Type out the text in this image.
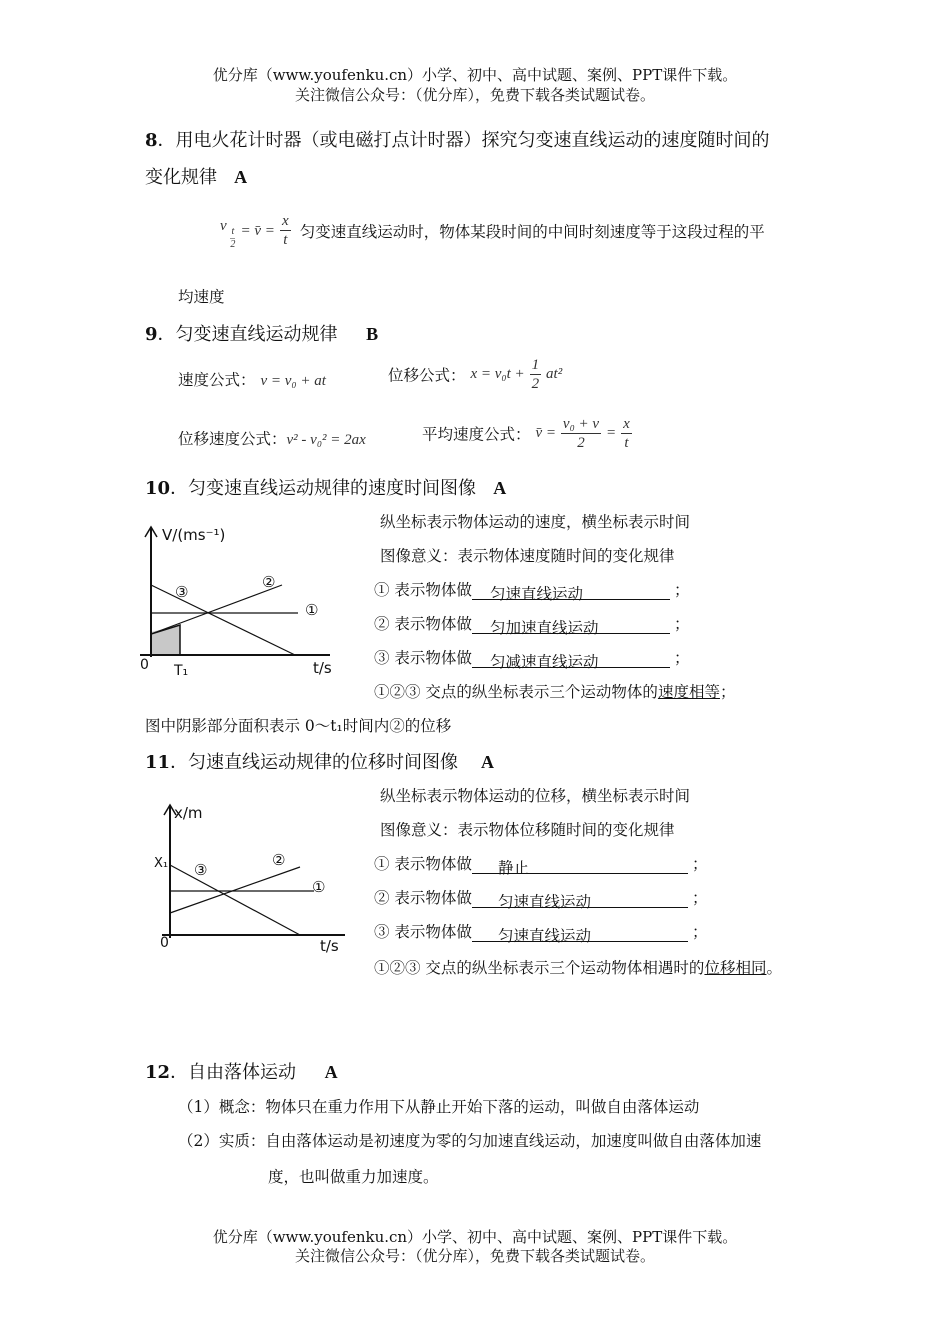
优分库（www.youfenku.cn）小学、初中、高中试题、案例、PPT课件下载。
关注微信公众号：（优分库），免费下载各类试题试卷。
8．用电火花计时器（或电磁打点计时器）探究匀变速直线运动的速度随时间的
变化规律 A
v $\frac{t}{2}$ = v̄ = $\frac{x}{t}$ 匀变速直线运动时，物体某段时间的中间时刻速度等于这段过程的平
均速度
9．匀变速直线运动规律 B
速度公式： v = v₀ + at	位移公式： $x = v_0t + \frac{1}{2} at^2$
位移速度公式：v² - v₀² = 2ax	平均速度公式： v̄ = $\frac{\text{v₀ + v}}{2} = \frac{x}{t}$
10．匀变速直线运动规律的速度时间图像 A
V/(ms⁻¹)
t/s
0 T₁
①
②
③
纵坐标表示物体运动的速度，横坐标表示时间
图像意义：表示物体速度随时间的变化规律
① 表示物体做 匀速直线运动	；
② 表示物体做 匀加速直线运动	；
③ 表示物体做 匀减速直线运动	；
①②③ 交点的纵坐标表示三个运动物体的速度相等；
图中阴影部分面积表示 0～t₁时间内②的位移
11．匀速直线运动规律的位移时间图像 A
x/m
t/s
0
X₁
①
②
③
纵坐标表示物体运动的位移，横坐标表示时间
图像意义：表示物体位移随时间的变化规律
① 表示物体做 静止	；
② 表示物体做 匀速直线运动	；
③ 表示物体做 匀速直线运动	；
①②③ 交点的纵坐标表示三个运动物体相遇时的位移相同。
12．自由落体运动 A
（1）概念：物体只在重力作用下从静止开始下落的运动，叫做自由落体运动
（2）实质：自由落体运动是初速度为零的匀加速直线运动，加速度叫做自由落体加速
度，也叫做重力加速度。
优分库（www.youfenku.cn）小学、初中、高中试题、案例、PPT课件下载。
关注微信公众号：（优分库），免费下载各类试题试卷。
